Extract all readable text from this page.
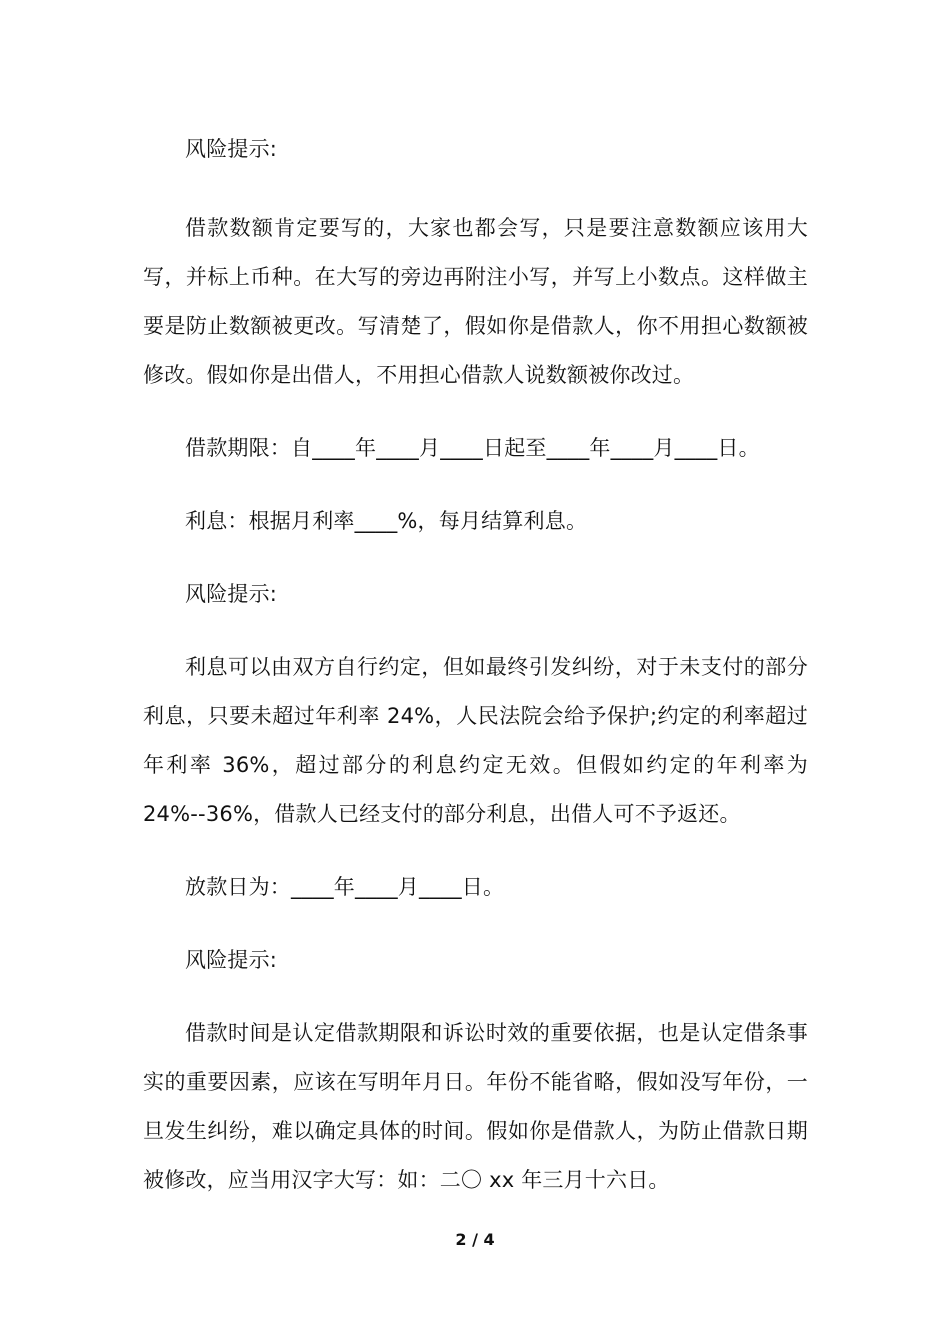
风险提示:

借款数额肯定要写的，大家也都会写，只是要注意数额应该用大写，并标上币种。在大写的旁边再附注小写，并写上小数点。这样做主要是防止数额被更改。写清楚了，假如你是借款人，你不用担心数额被修改。假如你是出借人，不用担心借款人说数额被你改过。

借款期限：自____年____月____日起至____年____月____日。

利息：根据月利率____%，每月结算利息。

风险提示:

利息可以由双方自行约定，但如最终引发纠纷，对于未支付的部分利息，只要未超过年利率 24%，人民法院会给予保护;约定的利率超过年利率 36%，超过部分的利息约定无效。但假如约定的年利率为 24%--36%，借款人已经支付的部分利息，出借人可不予返还。

放款日为：____年____月____日。

风险提示:

借款时间是认定借款期限和诉讼时效的重要依据，也是认定借条事实的重要因素，应该在写明年月日。年份不能省略，假如没写年份，一旦发生纠纷，难以确定具体的时间。假如你是借款人，为防止借款日期被修改，应当用汉字大写：如：二〇 xx 年三月十六日。

2 / 4
